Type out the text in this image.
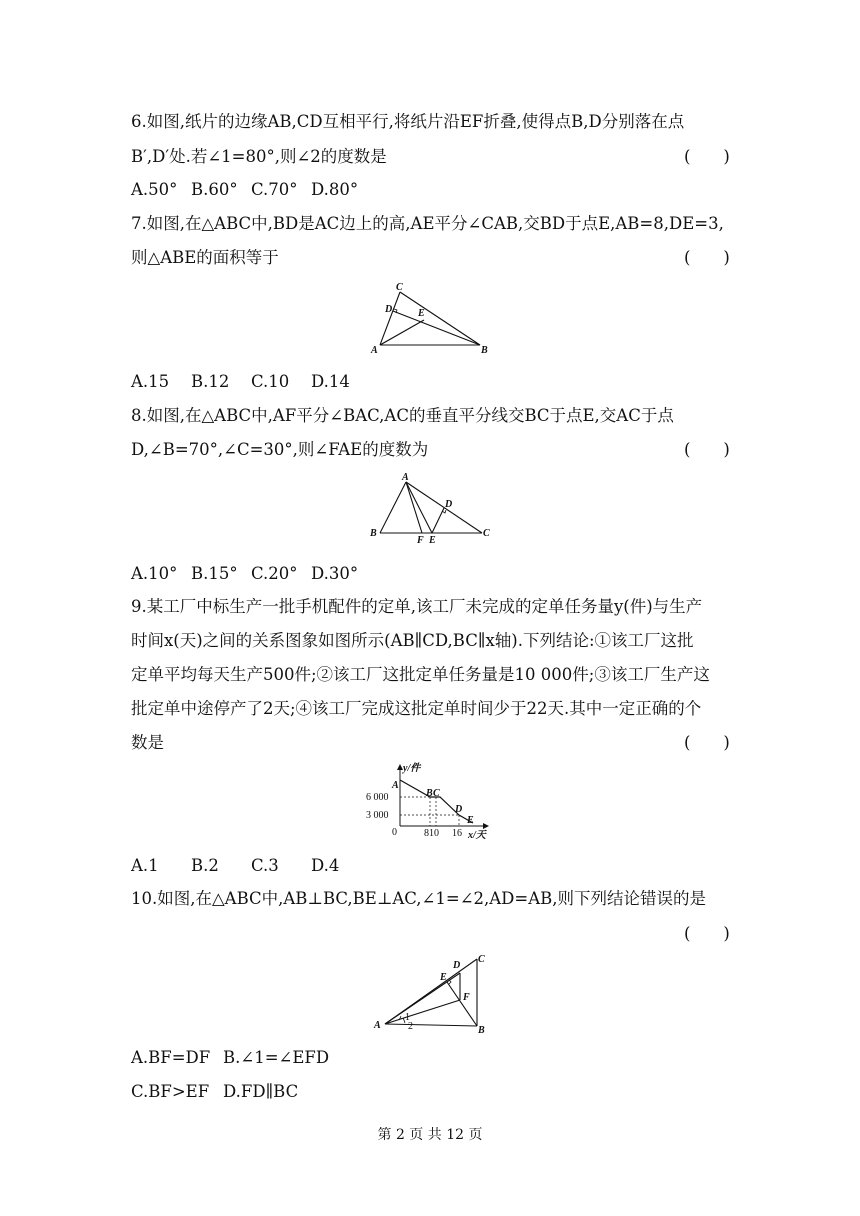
6.如图,纸片的边缘AB,CD互相平行,将纸片沿EF折叠,使得点B,D分别落在点
B′,D′处.若∠1=80°,则∠2的度数是	(　　)
A.50° B.60° C.70° D.80°
7.如图,在△ABC中,BD是AC边上的高,AE平分∠CAB,交BD于点E,AB=8,DE=3,
则△ABE的面积等于	(　　)
C
D	E
A	B
A.15 B.12 C.10 D.14
8.如图,在△ABC中,AF平分∠BAC,AC的垂直平分线交BC于点E,交AC于点
D,∠B=70°,∠C=30°,则∠FAE的度数为	(　　)
A
D
B
F E
C
A.10° B.15° C.20° D.30°
9.某工厂中标生产一批手机配件的定单,该工厂未完成的定单任务量y(件)与生产
时间x(天)之间的关系图象如图所示(AB∥CD,BC∥x轴).下列结论:①该工厂这批
定单平均每天生产500件;②该工厂这批定单任务量是10 000件;③该工厂生产这
批定单中途停产了2天;④该工厂完成这批定单时间少于22天.其中一定正确的个
数是	(　　)
y/件
A
B C
D
E
6 000
3 000
0	810 16 x/天
A.1 B.2 C.3 D.4
10.如图,在△ABC中,AB⊥BC,BE⊥AC,∠1=∠2,AD=AB,则下列结论错误的是
(　　)
D
C
E
F
A	B
1
2
A.BF=DF B.∠1=∠EFD
C.BF>EF D.FD∥BC
第 2 页 共 12 页
